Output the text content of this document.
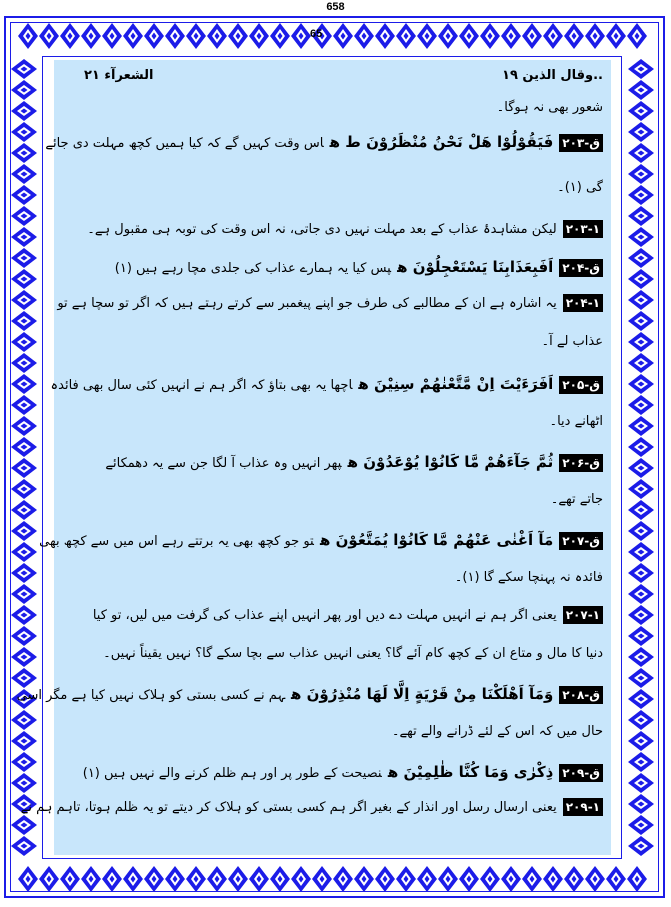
658
..وقال الذين ١٩
الشعرآء ٢١
شعور بھی نہ ہوگا۔
ق-۲۰۳فَیَقُوْلُوْا هَلْ نَحْنُ مُنْظَرُوْنَ ط هاس وقت کہیں گے کہ کیا ہمیں کچھ مہلت دی جائے
گی (۱)۔
۲۰۳-۱لیکن مشاہدۂ عذاب کے بعد مہلت نہیں دی جاتی، نہ اس وقت کی توبہ ہی مقبول ہے۔
ق-۲۰۴اَفَبِعَذَابِنَا یَسْتَعْجِلُوْنَ هپس کیا یہ ہمارے عذاب کی جلدی مچا رہے ہیں (۱)
۲۰۴-۱یہ اشارہ ہے ان کے مطالبے کی طرف جو اپنے پیغمبر سے کرتے رہتے ہیں کہ اگر تو سچا ہے تو
عذاب لے آ۔
ق-۲۰۵اَفَرَءَیْتَ اِنْ مَّتَّعْنٰهُمْ سِنِیْنَ هاچھا یہ بھی بتاؤ کہ اگر ہم نے انہیں کئی سال بھی فائدہ
اٹھانے دیا۔
ق-۲۰۶ثُمَّ جَآءَهُمْ مَّا كَانُوْا یُوْعَدُوْنَ هپھر انہیں وہ عذاب آ لگا جن سے یہ دھمکائے
جاتے تھے۔
ق-۲۰۷مَآ اَغْنٰى عَنْهُمْ مَّا كَانُوْا یُمَتَّعُوْنَ هتو جو کچھ بھی یہ برتتے رہے اس میں سے کچھ بھی
فائدہ نہ پہنچا سکے گا (۱)۔
۲۰۷-۱یعنی اگر ہم نے انہیں مہلت دے دیں اور پھر انہیں اپنے عذاب کی گرفت میں لیں، تو کیا
دنیا کا مال و متاع ان کے کچھ کام آئے گا؟ یعنی انہیں عذاب سے بچا سکے گا؟ نہیں یقیناً نہیں۔
ق-۲۰۸وَمَآ اَهْلَكْنَا مِنْ قَرْیَةٍ اِلَّا لَهَا مُنْذِرُوْنَ هہم نے کسی بستی کو ہلاک نہیں کیا ہے مگر اسی
حال میں کہ اس کے لئے ڈرانے والے تھے۔
ق-۲۰۹ذِكْرٰى وَمَا كُنَّا ظٰلِمِیْنَ هنصیحت کے طور پر اور ہم ظلم کرنے والے نہیں ہیں (۱)
۲۰۹-۱یعنی ارسال رسل اور انذار کے بغیر اگر ہم کسی بستی کو ہلاک کر دیتے تو یہ ظلم ہوتا، تاہم ہم نے
65
